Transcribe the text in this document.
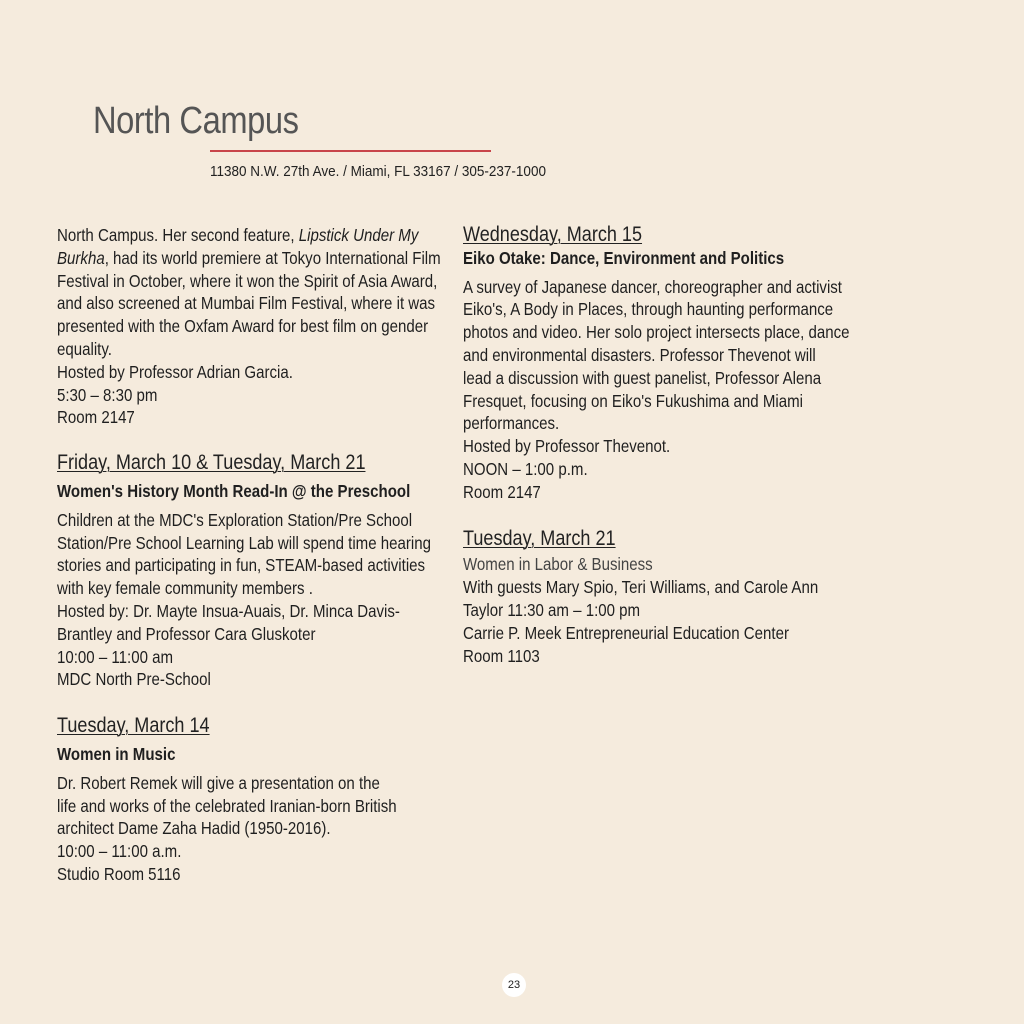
North Campus
11380 N.W. 27th Ave. / Miami, FL 33167 / 305-237-1000
North Campus. Her second feature, Lipstick Under My
Burkha, had its world premiere at Tokyo International Film
Festival in October, where it won the Spirit of Asia Award,
and also screened at Mumbai Film Festival, where it was
presented with the Oxfam Award for best film on gender
equality.
Hosted by Professor Adrian Garcia.
5:30 – 8:30 pm
Room 2147

Friday, March 10 & Tuesday, March 21

Women's History Month Read-In @ the Preschool

Children at the MDC's Exploration Station/Pre School
Station/Pre School Learning Lab will spend time hearing
stories and participating in fun, STEAM-based activities
with key female community members .
Hosted by: Dr. Mayte Insua-Auais, Dr. Minca Davis-
Brantley and Professor Cara Gluskoter
10:00 – 11:00 am
MDC North Pre-School

Tuesday, March 14

Women in Music

Dr. Robert Remek will give a presentation on the
life and works of the celebrated Iranian-born British
architect Dame Zaha Hadid (1950-2016).
10:00 – 11:00 a.m.
Studio Room 5116

Wednesday, March 15

Eiko Otake: Dance, Environment and Politics

A survey of Japanese dancer, choreographer and activist
Eiko's, A Body in Places, through haunting performance
photos and video. Her solo project intersects place, dance
and environmental disasters. Professor Thevenot will
lead a discussion with guest panelist, Professor Alena
Fresquet, focusing on Eiko's Fukushima and Miami
performances.
Hosted by Professor Thevenot.
NOON – 1:00 p.m.
Room 2147

Tuesday, March 21

Women in Labor & Business

With guests Mary Spio, Teri Williams, and Carole Ann
Taylor 11:30 am – 1:00 pm
Carrie P. Meek Entrepreneurial Education Center
Room 1103
23
